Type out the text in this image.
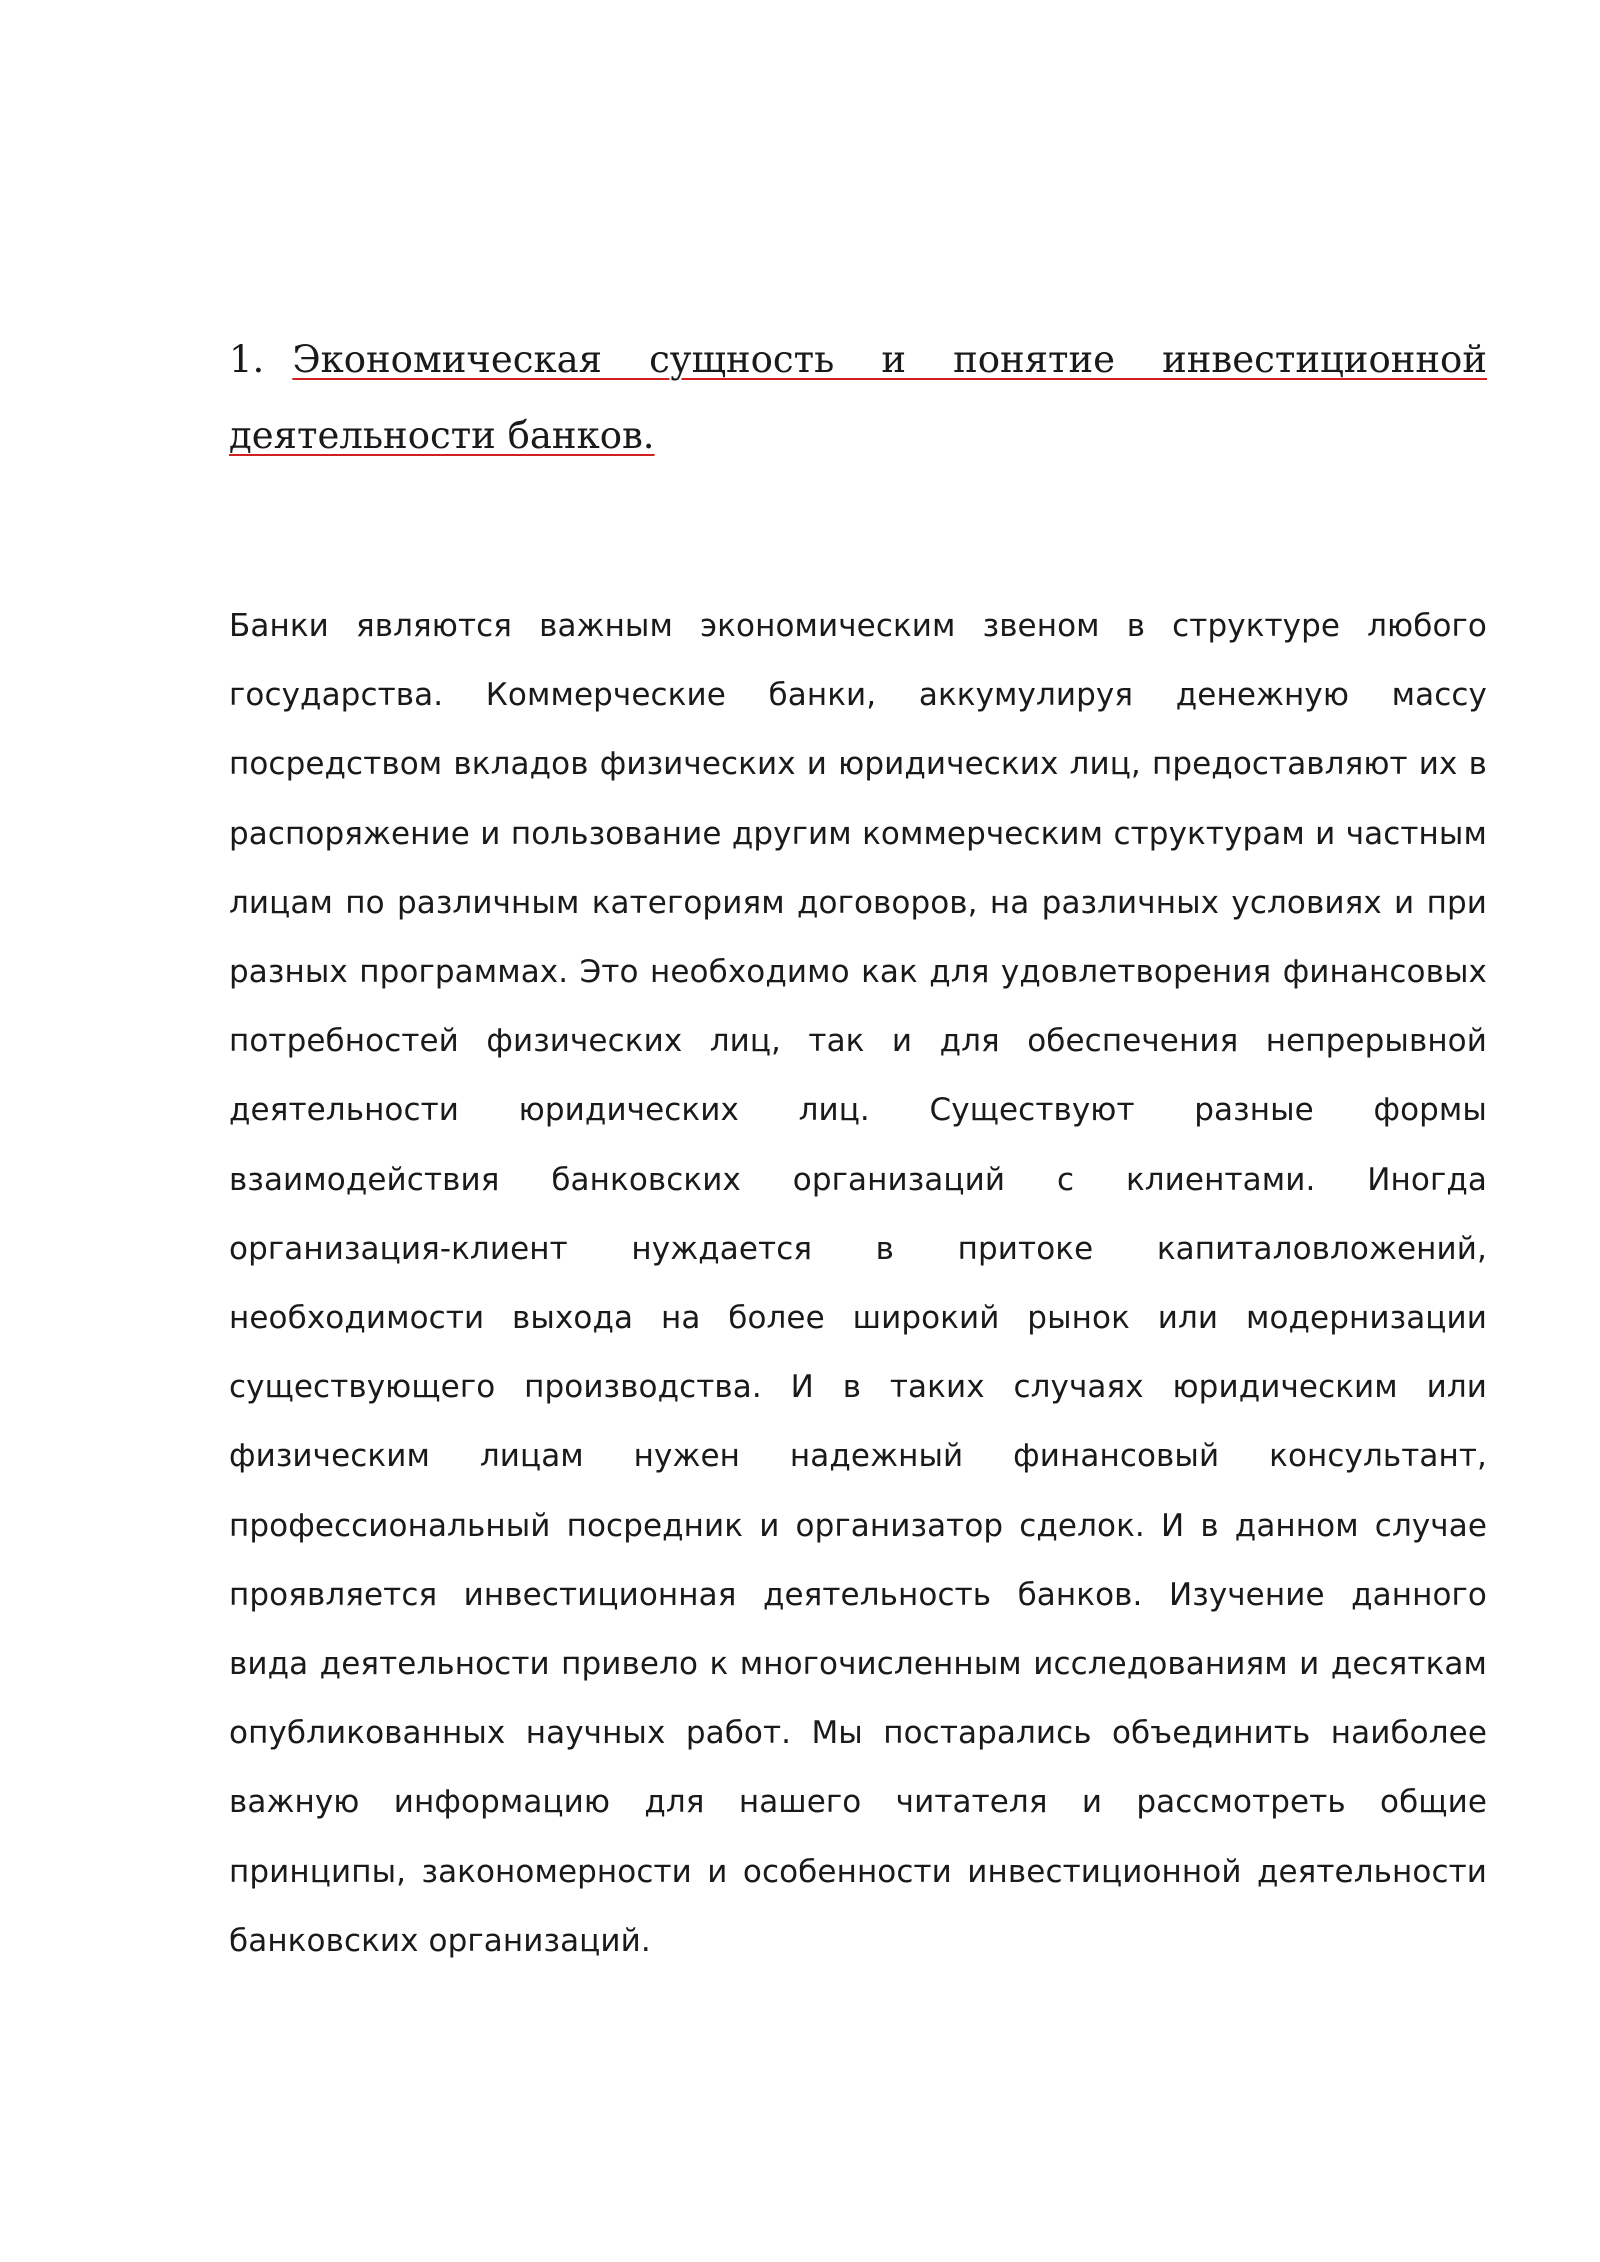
1. Экономическая сущность и понятие инвестиционной деятельности банков.

Банки являются важным экономическим звеном в структуре любого государства. Коммерческие банки, аккумулируя денежную массу посредством вкладов физических и юридических лиц, предоставляют их в распоряжение и пользование другим коммерческим структурам и частным лицам по различным категориям договоров, на различных условиях и при разных программах. Это необходимо как для удовлетворения финансовых потребностей физических лиц, так и для обеспечения непрерывной деятельности юридических лиц. Существуют разные формы взаимодействия банковских организаций с клиентами. Иногда организация-клиент нуждается в притоке капиталовложений, необходимости выхода на более широкий рынок или модернизации существующего производства. И в таких случаях юридическим или физическим лицам нужен надежный финансовый консультант, профессиональный посредник и организатор сделок. И в данном случае проявляется инвестиционная деятельность банков. Изучение данного вида деятельности привело к многочисленным исследованиям и десяткам опубликованных научных работ. Мы постарались объединить наиболее важную информацию для нашего читателя и рассмотреть общие принципы, закономерности и особенности инвестиционной деятельности банковских организаций.
